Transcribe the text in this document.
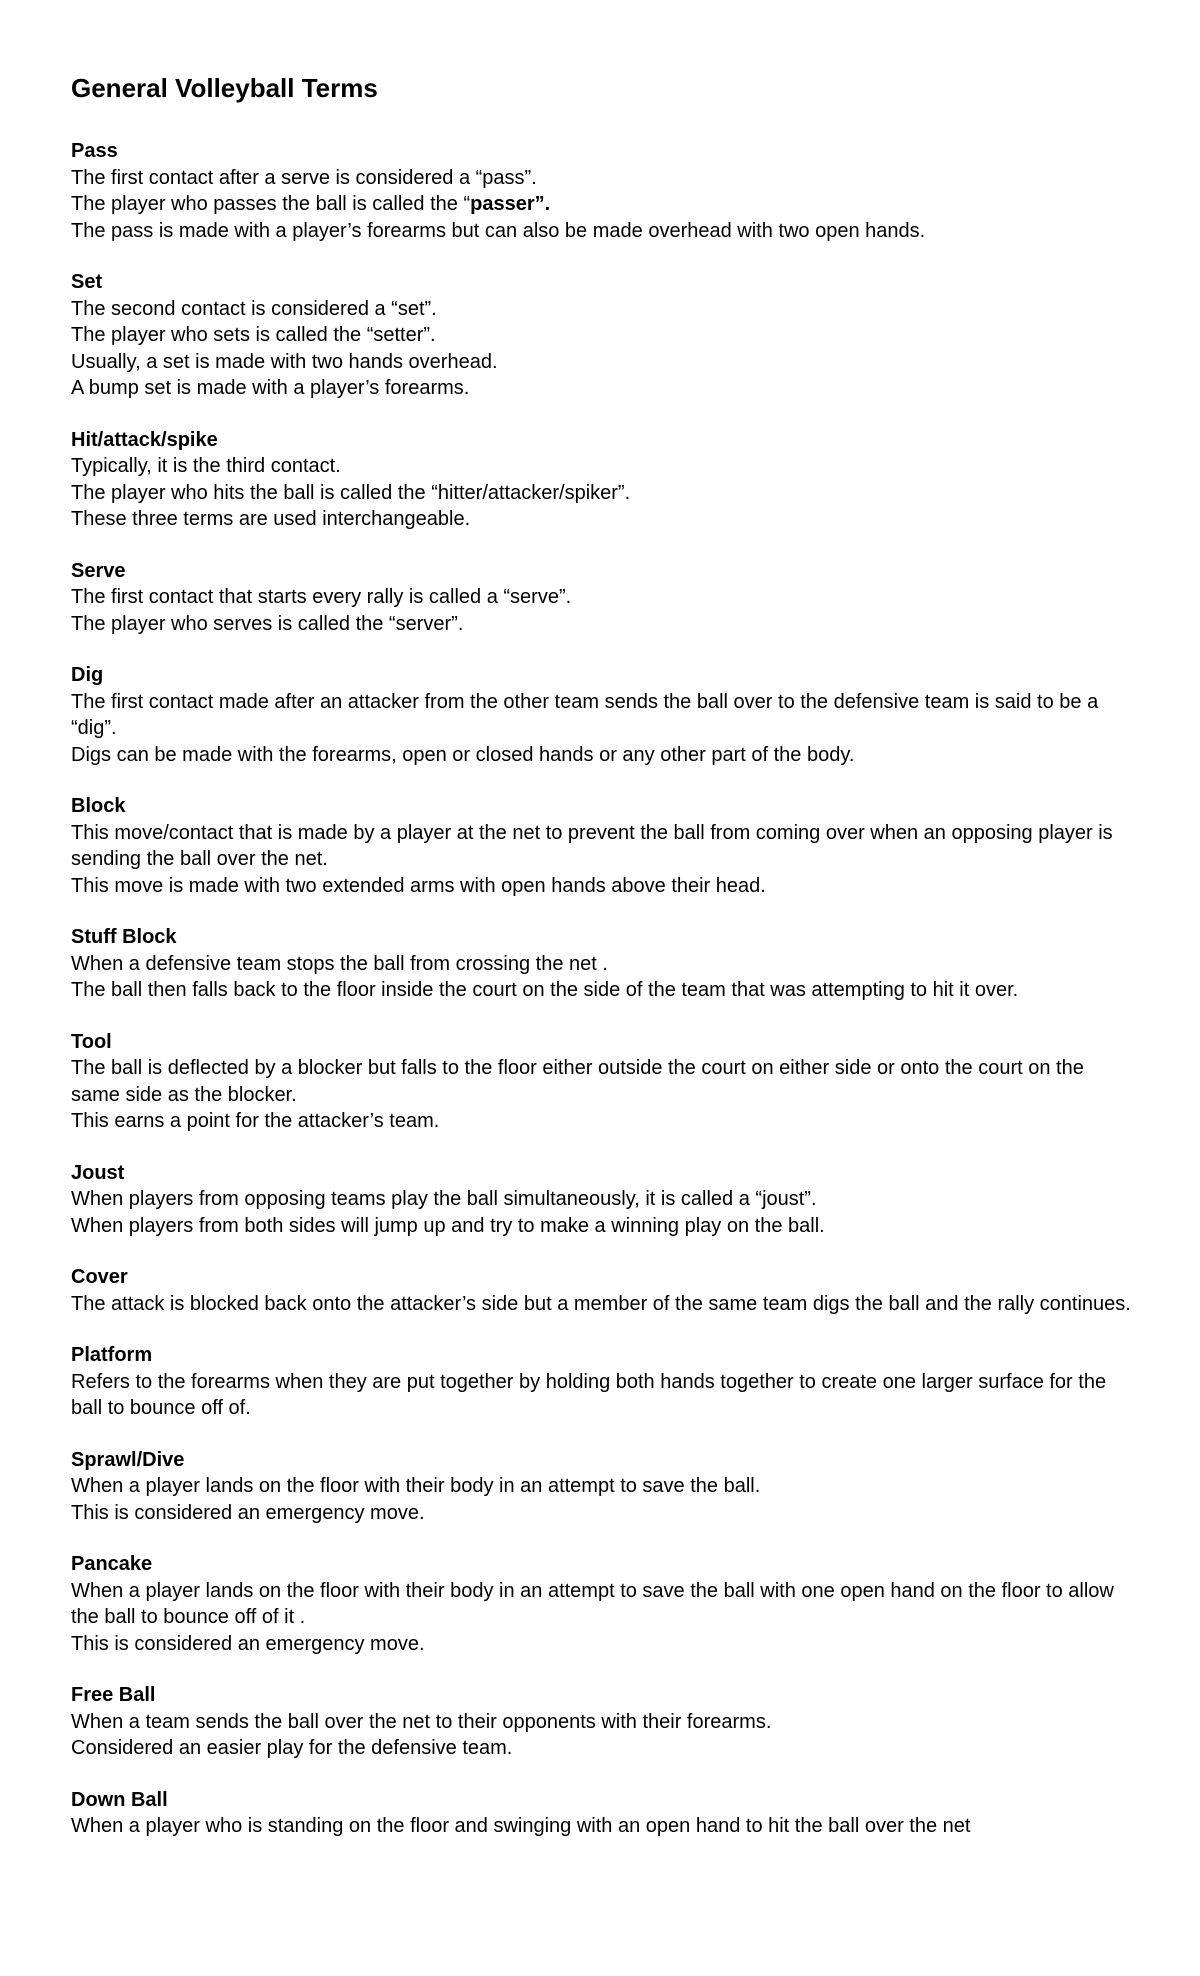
General Volleyball Terms

Pass

The first contact after a serve is considered a “pass”.

The player who passes the ball is called the “passer”.

The pass is made with a player’s forearms but can also be made overhead with two open hands.

Set

The second contact is considered a “set”.

The player who sets is called the “setter”.

Usually, a set is made with two hands overhead.

A bump set is made with a player’s forearms.

Hit/attack/spike

Typically, it is the third contact.

The player who hits the ball is called the “hitter/attacker/spiker”.

These three terms are used interchangeable.

Serve

The first contact that starts every rally is called a “serve”.

The player who serves is called the “server”.

Dig

The first contact made after an attacker from the other team sends the ball over to the defensive team is said to be a “dig”.

Digs can be made with the forearms, open or closed hands or any other part of the body.

Block

This move/contact that is made by a player at the net to prevent the ball from coming over when an opposing player is sending the ball over the net.

This move is made with two extended arms with open hands above their head.

Stuff Block

When a defensive team stops the ball from crossing the net .

The ball then falls back to the floor inside the court on the side of the team that was attempting to hit it over.

Tool

The ball is deflected by a blocker but falls to the floor either outside the court on either side or onto the court on the same side as the blocker.

This earns a point for the attacker’s team.

Joust

When players from opposing teams play the ball simultaneously, it is called a “joust”.

When players from both sides will jump up and try to make a winning play on the ball.

Cover

The attack is blocked back onto the attacker’s side but a member of the same team digs the ball and the rally continues.

Platform

Refers to the forearms when they are put together by holding both hands together to create one larger surface for the ball to bounce off of.

Sprawl/Dive

When a player lands on the floor with their body in an attempt to save the ball.

This is considered an emergency move.

Pancake

When a player lands on the floor with their body in an attempt to save the ball with one open hand on the floor to allow the ball to bounce off of it .

This is considered an emergency move.

Free Ball

When a team sends the ball over the net to their opponents with their forearms.

Considered an easier play for the defensive team.

Down Ball

When a player who is standing on the floor and swinging with an open hand to hit the ball over the net
